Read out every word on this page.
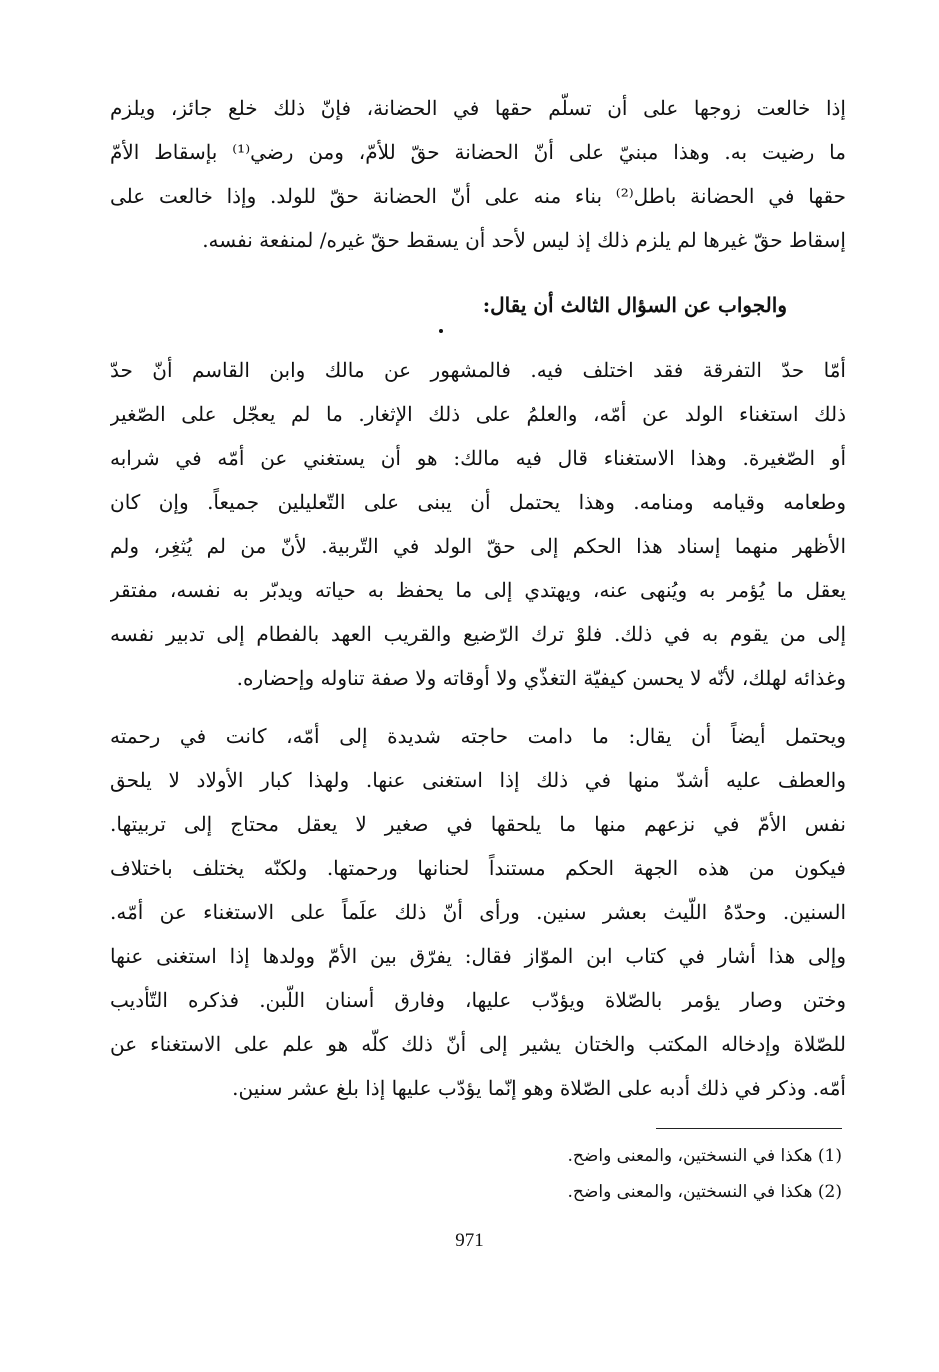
إذا خالعت زوجها على أن تسلّم حقها في الحضانة، فإنّ ذلك خلع جائز، ويلزم
ما رضيت به. وهذا مبنيّ على أنّ الحضانة حقّ للأمّ، ومن رضي⁽¹⁾ بإسقاط الأمّ
حقها في الحضانة باطل⁽²⁾ بناء منه على أنّ الحضانة حقّ للولد. وإذا خالعت على
إسقاط حقّ غيرها لم يلزم ذلك إذ ليس لأحد أن يسقط حقّ غيره/ لمنفعة نفسه.
والجواب عن السؤال الثالث أن يقال:
أمّا حدّ التفرقة فقد اختلف فيه. فالمشهور عن مالك وابن القاسم أنّ حدّ
ذلك استغناء الولد عن أمّه، والعلمُ على ذلك الإثغار. ما لم يعجّل على الصّغير
أو الصّغيرة. وهذا الاستغناء قال فيه مالك: هو أن يستغني عن أمّه في شرابه
وطعامه وقيامه ومنامه. وهذا يحتمل أن يبنى على التّعليلين جميعاً. وإن كان
الأظهر منهما إسناد هذا الحكم إلى حقّ الولد في التّربية. لأنّ من لم يُثغِر، ولم
يعقل ما يُؤمر به ويُنهى عنه، ويهتدي إلى ما يحفظ به حياته ويدبّر به نفسه، مفتقر
إلى من يقوم به في ذلك. فلوْ ترك الرّضيع والقريب العهد بالفطام إلى تدبير نفسه
وغذائه لهلك، لأنّه لا يحسن كيفيّة التغذّي ولا أوقاته ولا صفة تناوله وإحضاره.
ويحتمل أيضاً أن يقال: ما دامت حاجته شديدة إلى أمّه، كانت في رحمته
والعطف عليه أشدّ منها في ذلك إذا استغنى عنها. ولهذا كبار الأولاد لا يلحق
نفس الأمّ في نزعهم منها ما يلحقها في صغير لا يعقل محتاج إلى تربيتها.
فيكون من هذه الجهة الحكم مستنداً لحنانها ورحمتها. ولكنّه يختلف باختلاف
السنين. وحدّهُ اللّيث بعشر سنين. ورأى أنّ ذلك علَماً على الاستغناء عن أمّه.
وإلى هذا أشار في كتاب ابن الموّاز فقال: يفرّق بين الأمّ وولدها إذا استغنى عنها
وختن وصار يؤمر بالصّلاة ويؤدّب عليها، وفارق أسنان اللّبن. فذكره التّأديب
للصّلاة وإدخاله المكتب والختان يشير إلى أنّ ذلك كلّه هو علم على الاستغناء عن
أمّه. وذكر في ذلك أدبه على الصّلاة وهو إنّما يؤدّب عليها إذا بلغ عشر سنين.
(1) هكذا في النسختين، والمعنى واضح.
(2) هكذا في النسختين، والمعنى واضح.
971
